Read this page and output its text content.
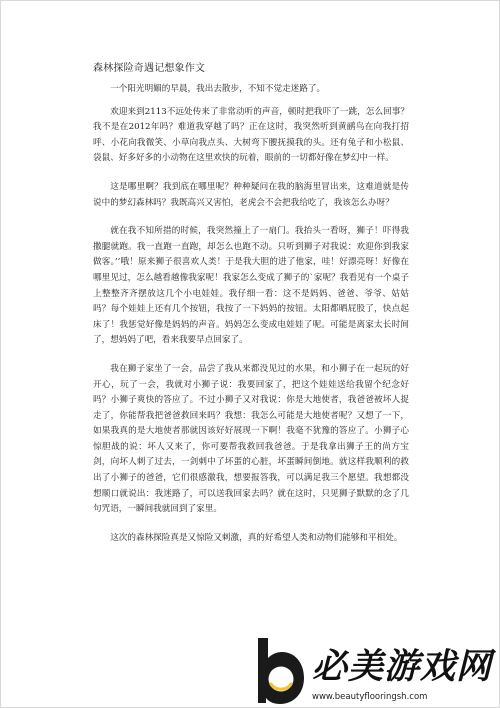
森林探险奇遇记想象作文

一个阳光明媚的早晨，我出去散步，不知不觉走迷路了。

欢迎来到2113不远处传来了非常动听的声音，顿时把我吓了一跳，怎么回事？我不是在2012年吗？难道我穿越了吗？正在这时，我突然听到黄鹂鸟在向我打招呼、小花向我微笑、小草向我点头、大树弯下腰抚摸我的头。还有兔子和小松鼠、袋鼠、好多好多的小动物在这里欢快的玩着，眼前的一切都好像在梦幻中一样。

这是哪里啊？我到底在哪里呢？种种疑问在我的脑海里冒出来，这难道就是传说中的梦幻森林吗？我既高兴又害怕，老虎会不会把我给吃了，我该怎么办呀？

就在我不知所措的时候，我突然撞上了一扇门。我抬头一看呀，狮子！吓得我撒腿就跑。我一直跑一直跑，却怎么也跑不动。只听到狮子对我说：欢迎你到我家做客。’’哦！原来狮子很喜欢人类！于是我大胆的进了他家，哇！好漂亮呀！好像在哪里见过，怎么越看越像我家呢！我家怎么变成了狮子的`家呢？我看见有一个桌子上整整齐齐摆放这几个小电娃娃。我仔细一看：这不是妈妈、爸爸、爷爷、姑姑吗？每个娃娃上还有几个按钮，我按了一下妈妈的按钮。太阳都晒屁股了，快点起床了！我惩觉好像是妈妈的声音。妈妈怎么变成电娃娃了呢。可能是离家太长时间了，想妈妈了吧，看来我要早点回家了。

我在狮子家坐了一会，品尝了我从来都没见过的水果，和小狮子在一起玩的好开心，玩了一会，我就对小狮子说：我要回家了，把这个娃娃送给我留个纪念好吗？小狮子爽快的答应了。不过小狮子又对我说：你是大地使者，我爸爸被坏人捉走了，你能帮我把爸爸救回来吗？我想：我怎么可能是大地使者呢？又想了一下，如果我真的是大地使者那就因该好好展现一下啊！我毫不犹豫的答应了。小狮子心惊胆战的说：坏人又来了，你可要帮我救回我爸爸。于是我拿出狮子王的尚方宝剑，向坏人刺了过去，一剑刺中了坏蛋的心脏，坏蛋瞬间倒地。就这样我顺利的救出了小狮子的爸爸，它们很感激我，想要报答我，可以满足我三个愿望。我想都没想顺口就说出：我迷路了，可以送我回家去吗？就在这时，只见狮子默默的念了几句咒语，一瞬间我就回到了家里。

这次的森林探险真是又惊险又刺激，真的好希望人类和动物们能够和平相处。

必美游戏网
www.beautyflooringsh.com
